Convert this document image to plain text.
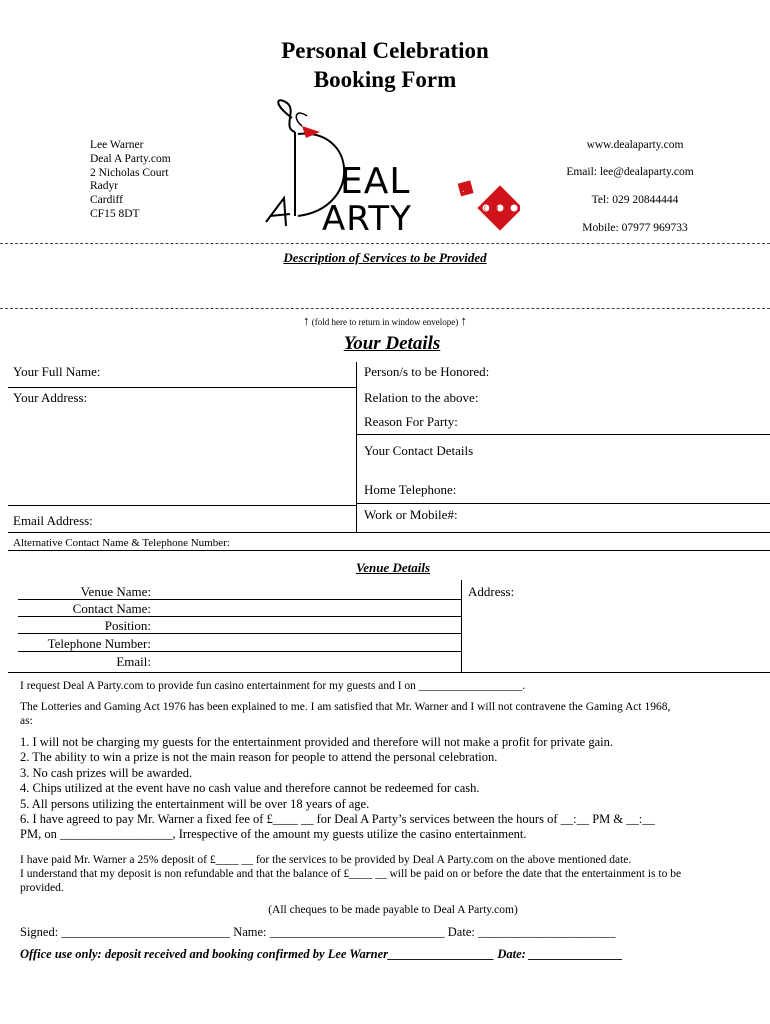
Personal Celebration
Booking Form
Lee Warner
Deal A Party.com
2 Nicholas Court
Radyr
Cardiff
CF15 8DT
EAL
ARTY
.
C O M
www.dealaparty.com
Email: lee@dealaparty.com
Tel: 029 20844444
Mobile: 07977 969733
Description of Services to be Provided
↑ (fold here to return in window envelope) ↑
Your Details
Your Full Name:
Your Address:
Email Address:
Person/s to be Honored:
Relation to the above:
Reason For Party:
Your Contact Details
Home Telephone:
Work or Mobile#:
Alternative Contact Name & Telephone Number:
Venue Details
Venue Name:
Contact Name:
Position:
Telephone Number:
Email:
Address:
I request Deal A Party.com to provide fun casino entertainment for my guests and I on __________________.
The Lotteries and Gaming Act 1976 has been explained to me. I am satisfied that Mr. Warner and I will not contravene the Gaming Act 1968,
as:
1. I will not be charging my guests for the entertainment provided and therefore will not make a profit for private gain.
2. The ability to win a prize is not the main reason for people to attend the personal celebration.
3. No cash prizes will be awarded.
4. Chips utilized at the event have no cash value and therefore cannot be redeemed for cash.
5. All persons utilizing the entertainment will be over 18 years of age.
6. I have agreed to pay Mr. Warner a fixed fee of £____ __ for Deal A Party’s services between the hours of __:__ PM & __:__
PM, on __________________, Irrespective of the amount my guests utilize the casino entertainment.
I have paid Mr. Warner a 25% deposit of £____ __ for the services to be provided by Deal A Party.com on the above mentioned date.
I understand that my deposit is non refundable and that the balance of £____ __ will be paid on or before the date that the entertainment is to be
provided.
(All cheques to be made payable to Deal A Party.com)
Signed: ___________________________ Name: ____________________________ Date: ______________________
Office use only: deposit received and booking confirmed by Lee Warner_________________ Date: _______________
